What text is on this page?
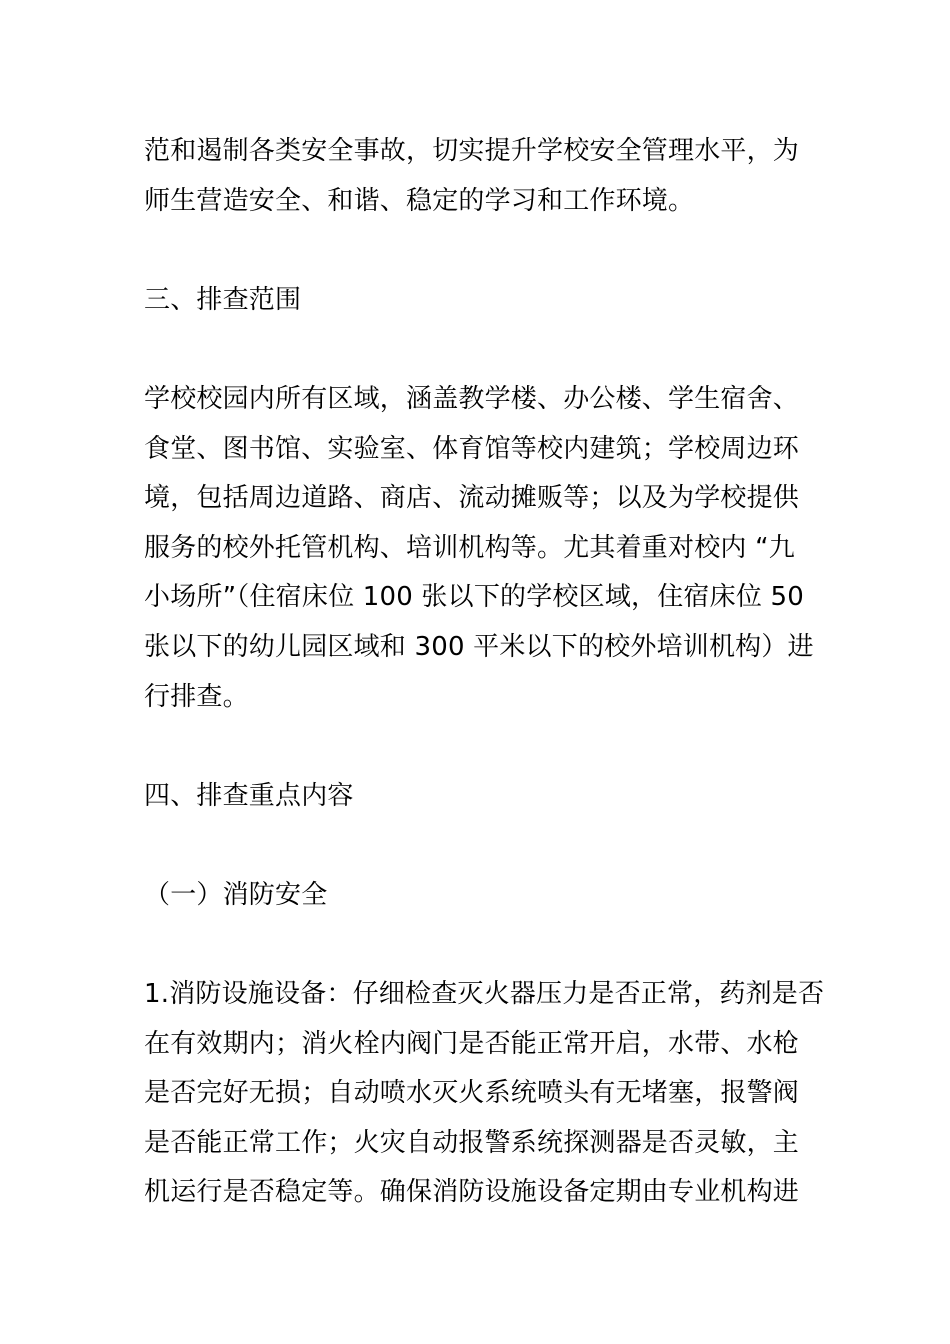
范和遏制各类安全事故，切实提升学校安全管理水平，为
师生营造安全、和谐、稳定的学习和工作环境。
三、排查范围
学校校园内所有区域，涵盖教学楼、办公楼、学生宿舍、
食堂、图书馆、实验室、体育馆等校内建筑；学校周边环
境，包括周边道路、商店、流动摊贩等；以及为学校提供
服务的校外托管机构、培训机构等。尤其着重对校内 “九
小场所”（住宿床位 100 张以下的学校区域，住宿床位 50
张以下的幼儿园区域和 300 平米以下的校外培训机构）进
行排查。
四、排查重点内容
（一）消防安全
1.消防设施设备：仔细检查灭火器压力是否正常，药剂是否
在有效期内；消火栓内阀门是否能正常开启，水带、水枪
是否完好无损；自动喷水灭火系统喷头有无堵塞，报警阀
是否能正常工作；火灾自动报警系统探测器是否灵敏，主
机运行是否稳定等。确保消防设施设备定期由专业机构进
